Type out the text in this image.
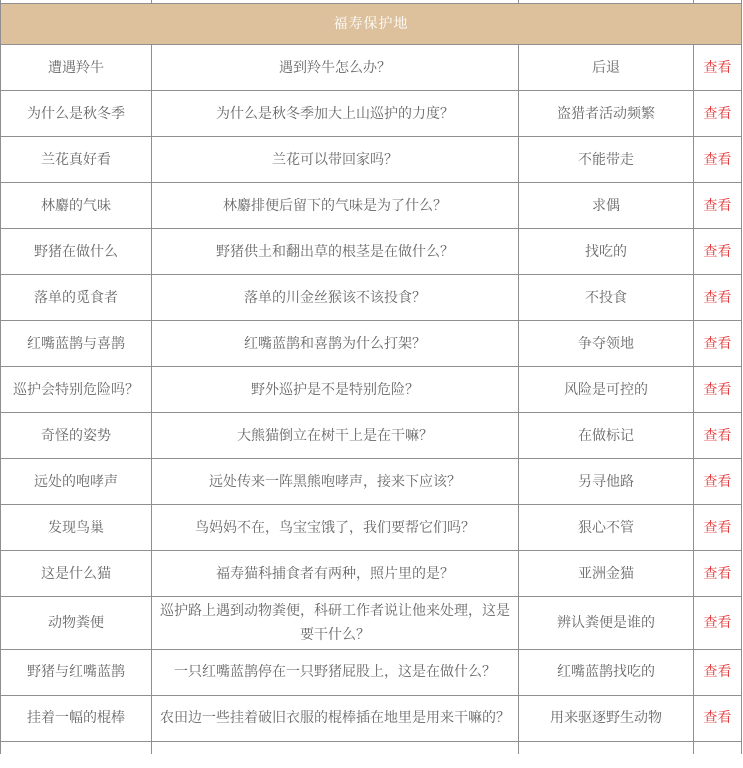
福寿保护地			
遭遇羚牛	遇到羚牛怎么办？	后退	查看
为什么是秋冬季	为什么是秋冬季加大上山巡护的力度？	盗猎者活动频繁	查看
兰花真好看	兰花可以带回家吗？	不能带走	查看
林麝的气味	林麝排便后留下的气味是为了什么？	求偶	查看
野猪在做什么	野猪供土和翻出草的根茎是在做什么？	找吃的	查看
落单的觅食者	落单的川金丝猴该不该投食？	不投食	查看
红嘴蓝鹊与喜鹊	红嘴蓝鹊和喜鹊为什么打架？	争夺领地	查看
巡护会特别危险吗？	野外巡护是不是特别危险？	风险是可控的	查看
奇怪的姿势	大熊猫倒立在树干上是在干嘛？	在做标记	查看
远处的咆哮声	远处传来一阵黑熊咆哮声，接来下应该？	另寻他路	查看
发现鸟巢	鸟妈妈不在，鸟宝宝饿了，我们要帮它们吗？	狠心不管	查看
这是什么猫	福寿猫科捕食者有两种，照片里的是？	亚洲金猫	查看
动物粪便	巡护路上遇到动物粪便，科研工作者说让他来处理，这是要干什么？	辨认粪便是谁的	查看
野猪与红嘴蓝鹊	一只红嘴蓝鹊停在一只野猪屁股上，这是在做什么？	红嘴蓝鹊找吃的	查看
挂着一幅的棍棒	农田边一些挂着破旧衣服的棍棒插在地里是用来干嘛的？	用来驱逐野生动物	查看
